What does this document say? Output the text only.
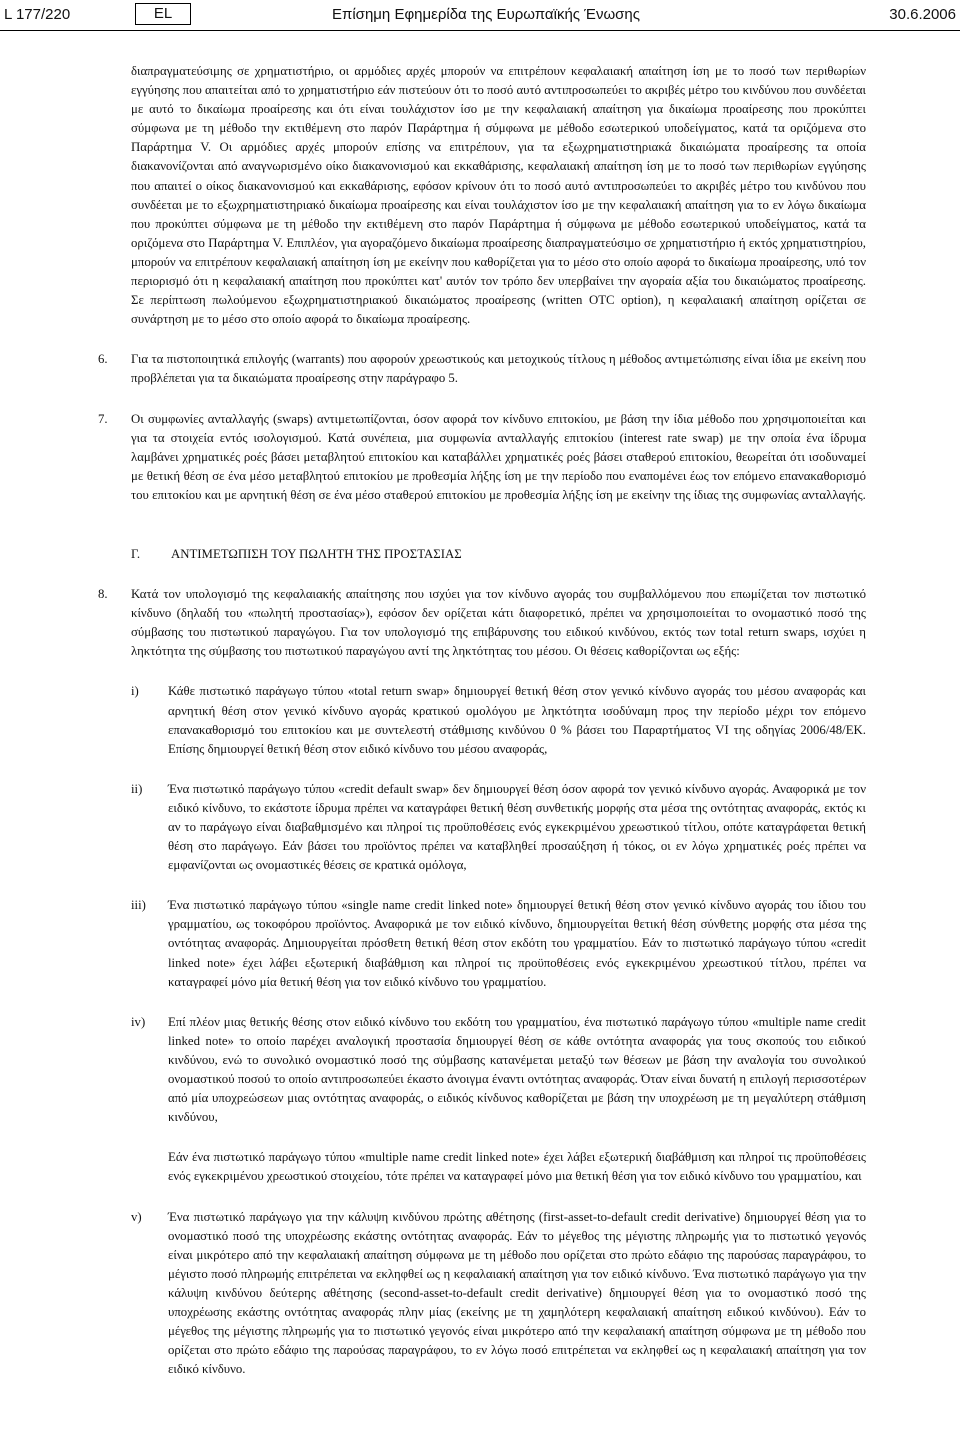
L 177/220	EL	Επίσημη Εφημερίδα της Ευρωπαϊκής Ένωσης	30.6.2006

διαπραγματεύσιμης σε χρηματιστήριο, οι αρμόδιες αρχές μπορούν να επιτρέπουν κεφαλαιακή απαίτηση ίση με το ποσό των περιθωρίων εγγύησης που απαιτείται από το χρηματιστήριο εάν πιστεύουν ότι το ποσό αυτό αντιπροσωπεύει το ακριβές μέτρο του κινδύνου που συνδέεται με αυτό το δικαίωμα προαίρεσης και ότι είναι τουλάχιστον ίσο με την κεφαλαιακή απαίτηση για δικαίωμα προαίρεσης που προκύπτει σύμφωνα με τη μέθοδο την εκτιθέμενη στο παρόν Παράρτημα ή σύμφωνα με μέθοδο εσωτερικού υποδείγματος, κατά τα οριζόμενα στο Παράρτημα V. Οι αρμόδιες αρχές μπορούν επίσης να επιτρέπουν, για τα εξωχρηματιστηριακά δικαιώματα προαίρεσης τα οποία διακανονίζονται από αναγνωρισμένο οίκο διακανονισμού και εκκαθάρισης, κεφαλαιακή απαίτηση ίση με το ποσό των περιθωρίων εγγύησης που απαιτεί ο οίκος διακανονισμού και εκκαθάρισης, εφόσον κρίνουν ότι το ποσό αυτό αντιπροσωπεύει το ακριβές μέτρο του κινδύνου που συνδέεται με το εξωχρηματιστηριακό δικαίωμα προαίρεσης και είναι τουλάχιστον ίσο με την κεφαλαιακή απαίτηση για το εν λόγω δικαίωμα που προκύπτει σύμφωνα με τη μέθοδο την εκτιθέμενη στο παρόν Παράρτημα ή σύμφωνα με μέθοδο εσωτερικού υποδείγματος, κατά τα οριζόμενα στο Παράρτημα V. Επιπλέον, για αγοραζόμενο δικαίωμα προαίρεσης διαπραγματεύσιμο σε χρηματιστήριο ή εκτός χρηματιστηρίου, μπορούν να επιτρέπουν κεφαλαιακή απαίτηση ίση με εκείνην που καθορίζεται για το μέσο στο οποίο αφορά το δικαίωμα προαίρεσης, υπό τον περιορισμό ότι η κεφαλαιακή απαίτηση που προκύπτει κατ' αυτόν τον τρόπο δεν υπερβαίνει την αγοραία αξία του δικαιώματος προαίρεσης. Σε περίπτωση πωλούμενου εξωχρηματιστηριακού δικαιώματος προαίρεσης (written OTC option), η κεφαλαιακή απαίτηση ορίζεται σε συνάρτηση με το μέσο στο οποίο αφορά το δικαίωμα προαίρεσης.

6. Για τα πιστοποιητικά επιλογής (warrants) που αφορούν χρεωστικούς και μετοχικούς τίτλους η μέθοδος αντιμετώπισης είναι ίδια με εκείνη που προβλέπεται για τα δικαιώματα προαίρεσης στην παράγραφο 5.

7. Οι συμφωνίες ανταλλαγής (swaps) αντιμετωπίζονται, όσον αφορά τον κίνδυνο επιτοκίου, με βάση την ίδια μέθοδο που χρησιμοποιείται και για τα στοιχεία εντός ισολογισμού. Κατά συνέπεια, μια συμφωνία ανταλλαγής επιτοκίου (interest rate swap) με την οποία ένα ίδρυμα λαμβάνει χρηματικές ροές βάσει μεταβλητού επιτοκίου και καταβάλλει χρηματικές ροές βάσει σταθερού επιτοκίου, θεωρείται ότι ισοδυναμεί με θετική θέση σε ένα μέσο μεταβλητού επιτοκίου με προθεσμία λήξης ίση με την περίοδο που εναπομένει έως τον επόμενο επανακαθορισμό του επιτοκίου και με αρνητική θέση σε ένα μέσο σταθερού επιτοκίου με προθεσμία λήξης ίση με εκείνην της ίδιας της συμφωνίας ανταλλαγής.

Γ. ΑΝΤΙΜΕΤΩΠΙΣΗ ΤΟΥ ΠΩΛΗΤΗ ΤΗΣ ΠΡΟΣΤΑΣΙΑΣ

8. Κατά τον υπολογισμό της κεφαλαιακής απαίτησης που ισχύει για τον κίνδυνο αγοράς του συμβαλλόμενου που επωμίζεται τον πιστωτικό κίνδυνο (δηλαδή του «πωλητή προστασίας»), εφόσον δεν ορίζεται κάτι διαφορετικό, πρέπει να χρησιμοποιείται το ονομαστικό ποσό της σύμβασης του πιστωτικού παραγώγου. Για τον υπολογισμό της επιβάρυνσης του ειδικού κινδύνου, εκτός των total return swaps, ισχύει η ληκτότητα της σύμβασης του πιστωτικού παραγώγου αντί της ληκτότητας του μέσου. Οι θέσεις καθορίζονται ως εξής:

i) Κάθε πιστωτικό παράγωγο τύπου «total return swap» δημιουργεί θετική θέση στον γενικό κίνδυνο αγοράς του μέσου αναφοράς και αρνητική θέση στον γενικό κίνδυνο αγοράς κρατικού ομολόγου με ληκτότητα ισοδύναμη προς την περίοδο μέχρι τον επόμενο επανακαθορισμό του επιτοκίου και με συντελεστή στάθμισης κινδύνου 0 % βάσει του Παραρτήματος VI της οδηγίας 2006/48/ΕΚ. Επίσης δημιουργεί θετική θέση στον ειδικό κίνδυνο του μέσου αναφοράς,

ii) Ένα πιστωτικό παράγωγο τύπου «credit default swap» δεν δημιουργεί θέση όσον αφορά τον γενικό κίνδυνο αγοράς. Αναφορικά με τον ειδικό κίνδυνο, το εκάστοτε ίδρυμα πρέπει να καταγράφει θετική θέση συνθετικής μορφής στα μέσα της οντότητας αναφοράς, εκτός κι αν το παράγωγο είναι διαβαθμισμένο και πληροί τις προϋποθέσεις ενός εγκεκριμένου χρεωστικού τίτλου, οπότε καταγράφεται θετική θέση στο παράγωγο. Εάν βάσει του προϊόντος πρέπει να καταβληθεί προσαύξηση ή τόκος, οι εν λόγω χρηματικές ροές πρέπει να εμφανίζονται ως ονομαστικές θέσεις σε κρατικά ομόλογα,

iii) Ένα πιστωτικό παράγωγο τύπου «single name credit linked note» δημιουργεί θετική θέση στον γενικό κίνδυνο αγοράς του ίδιου του γραμματίου, ως τοκοφόρου προϊόντος. Αναφορικά με τον ειδικό κίνδυνο, δημιουργείται θετική θέση σύνθετης μορφής στα μέσα της οντότητας αναφοράς. Δημιουργείται πρόσθετη θετική θέση στον εκδότη του γραμματίου. Εάν το πιστωτικό παράγωγο τύπου «credit linked note» έχει λάβει εξωτερική διαβάθμιση και πληροί τις προϋποθέσεις ενός εγκεκριμένου χρεωστικού τίτλου, πρέπει να καταγραφεί μόνο μία θετική θέση για τον ειδικό κίνδυνο του γραμματίου.

iv) Επί πλέον μιας θετικής θέσης στον ειδικό κίνδυνο του εκδότη του γραμματίου, ένα πιστωτικό παράγωγο τύπου «multiple name credit linked note» το οποίο παρέχει αναλογική προστασία δημιουργεί θέση σε κάθε οντότητα αναφοράς για τους σκοπούς του ειδικού κινδύνου, ενώ το συνολικό ονομαστικό ποσό της σύμβασης κατανέμεται μεταξύ των θέσεων με βάση την αναλογία του συνολικού ονομαστικού ποσού το οποίο αντιπροσωπεύει έκαστο άνοιγμα έναντι οντότητας αναφοράς. Όταν είναι δυνατή η επιλογή περισσοτέρων από μία υποχρεώσεων μιας οντότητας αναφοράς, ο ειδικός κίνδυνος καθορίζεται με βάση την υποχρέωση με τη μεγαλύτερη στάθμιση κινδύνου,

Εάν ένα πιστωτικό παράγωγο τύπου «multiple name credit linked note» έχει λάβει εξωτερική διαβάθμιση και πληροί τις προϋποθέσεις ενός εγκεκριμένου χρεωστικού στοιχείου, τότε πρέπει να καταγραφεί μόνο μια θετική θέση για τον ειδικό κίνδυνο του γραμματίου, και

v) Ένα πιστωτικό παράγωγο για την κάλυψη κινδύνου πρώτης αθέτησης (first-asset-to-default credit derivative) δημιουργεί θέση για το ονομαστικό ποσό της υποχρέωσης εκάστης οντότητας αναφοράς. Εάν το μέγεθος της μέγιστης πληρωμής για το πιστωτικό γεγονός είναι μικρότερο από την κεφαλαιακή απαίτηση σύμφωνα με τη μέθοδο που ορίζεται στο πρώτο εδάφιο της παρούσας παραγράφου, το μέγιστο ποσό πληρωμής επιτρέπεται να εκληφθεί ως η κεφαλαιακή απαίτηση για τον ειδικό κίνδυνο. Ένα πιστωτικό παράγωγο για την κάλυψη κινδύνου δεύτερης αθέτησης (second-asset-to-default credit derivative) δημιουργεί θέση για το ονομαστικό ποσό της υποχρέωσης εκάστης οντότητας αναφοράς πλην μίας (εκείνης με τη χαμηλότερη κεφαλαιακή απαίτηση ειδικού κινδύνου). Εάν το μέγεθος της μέγιστης πληρωμής για το πιστωτικό γεγονός είναι μικρότερο από την κεφαλαιακή απαίτηση σύμφωνα με τη μέθοδο που ορίζεται στο πρώτο εδάφιο της παρούσας παραγράφου, το εν λόγω ποσό επιτρέπεται να εκληφθεί ως η κεφαλαιακή απαίτηση για τον ειδικό κίνδυνο.
